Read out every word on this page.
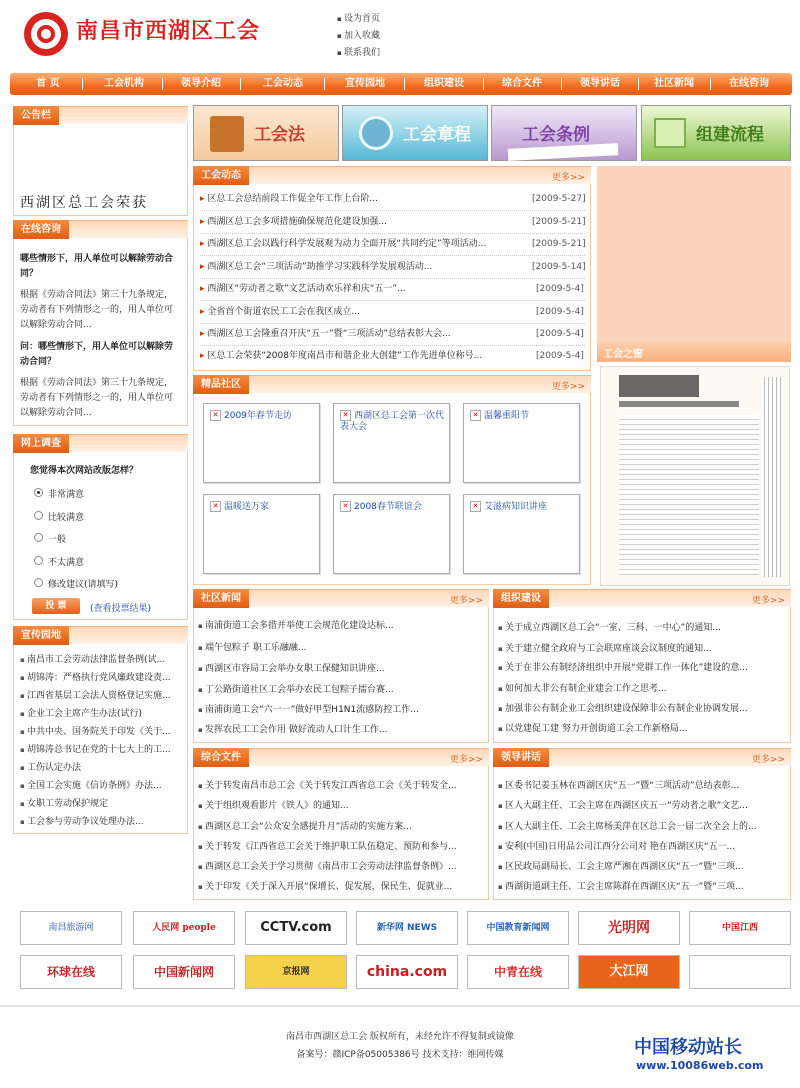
南昌市西湖区工会	▪ 设为首页
▪ 加入收藏
▪ 联系我们
首 页	工会机构	领导介绍	工会动态	宣传园地	组织建设	综合文件	领导讲话	社区新闻	在线咨询
公告栏
西湖区总工会荣获
在线咨询
哪些情形下，用人单位可以解除劳动合同？
根据《劳动合同法》第三十九条规定，劳动者有下列情形之一的，用人单位可以解除劳动合同...
问：哪些情形下，用人单位可以解除劳动合同？
根据《劳动合同法》第三十九条规定，劳动者有下列情形之一的，用人单位可以解除劳动合同...
网上调查
您觉得本次网站改版怎样？
非常满意
比较满意
一般
不太满意
修改建议(请填写)
投 票	(查看投票结果)
宣传园地
▪ 南昌市工会劳动法律监督条例(试...
▪ 胡锦涛：严格执行党风廉政建设责...
▪ 江西省基层工会法人资格登记实施...
▪ 企业工会主席产生办法(试行)
▪ 中共中央、国务院关于印发《关于...
▪ 胡锦涛总书记在党的十七大上的工...
▪ 工伤认定办法
▪ 全国工会实施《信访条例》办法...
▪ 女职工劳动保护规定
▪ 工会参与劳动争议处理办法...
工会法	工会章程	工会条例	组建流程
工会动态	更多>>
▸ 区总工会总结前段工作促全年工作上台阶...	[2009-5-27]
▸ 西湖区总工会多项措施确保规范化建设加强...	[2009-5-21]
▸ 西湖区总工会以践行科学发展观为动力全面开展“共同约定”等项活动...	[2009-5-21]
▸ 西湖区总工会“三项活动”助推学习实践科学发展观活动...	[2009-5-14]
▸ 西湖区“劳动者之歌”文艺活动欢乐祥和庆“五一”...	[2009-5-4]
▸ 全省首个街道农民工工会在我区成立...	[2009-5-4]
▸ 西湖区总工会隆重召开庆“五一”暨“三项活动”总结表彰大会...	[2009-5-4]
▸ 区总工会荣获“2008年度南昌市和谐企业大创建”工作先进单位称号...	[2009-5-4] 工会之窗
精品社区	更多>>
✕ 2009年春节走访	✕ 西湖区总工会第一次代表大会
✕ 温馨重阳节
✕ 温暖送万家	✕ 2008春节联谊会	✕ 艾滋病知识讲座
社区新闻	更多>>
▪ 南浦街道工会多措并举使工会规范化建设达标...
▪ 端午包粽子 职工乐融融...
▪ 西湖区市容局工会举办女职工保健知识讲座...
▪ 丁公路街道社区工会举办农民工包粽子擂台赛...
▪ 南浦街道工会“六一一”做好甲型H1N1流感防控工作...
▪ 发挥农民工工会作用 做好流动人口计生工作...
组织建设	更多>>
▪ 关于成立西湖区总工会“一室、三科、一中心”的通知...
▪ 关于建立健全政府与工会联席座谈会议制度的通知...
▪ 关于在非公有制经济组织中开展“党群工作一体化”建设的意...
▪ 如何加大非公有制企业建会工作之思考...
▪ 加强非公有制企业工会组织建设保障非公有制企业协调发展...
▪ 以党建促工建 努力开创街道工会工作新格局...
综合文件	更多>>
▪ 关于转发南昌市总工会《关于转发江西省总工会《关于转发全...
▪ 关于组织观看影片《铁人》的通知...
▪ 西湖区总工会“公众安全感提升月”活动的实施方案...
▪ 关于转发《江西省总工会关于维护职工队伍稳定、预防和参与...
▪ 西湖区总工会关于学习贯彻《南昌市工会劳动法律监督条例》...
▪ 关于印发《关于深入开展“保增长、促发展，保民生、促就业...
领导讲话	更多>>
▪ 区委书记姜玉林在西湖区庆“五一”暨“三项活动”总结表彰...
▪ 区人大副主任、工会主席在西湖区庆五一“劳动者之歌”文艺...
▪ 区人大副主任、工会主席杨美萍在区总工会一届二次全会上的...
▪ 安利(中国)日用品公司江西分公司对 艳在西湖区庆“五一...
▪ 区民政局副局长、工会主席严湘在西湖区庆“五一”暨“三项...
▪ 西湖街道副主任、工会主席陈群在西湖区庆“五一”暨“三项...
南昌旅游网	人民网 people	CCTV.com	新华网 NEWS	中国教育新闻网	光明网	中国江西
环球在线	中国新闻网	京报网	china.com	中青在线	大江网
南昌市西湖区总工会 版权所有，未经允许不得复制或镜像
备案号：赣ICP备05005386号 技术支持：维网传媒	中国移动站长
www.10086web.com
